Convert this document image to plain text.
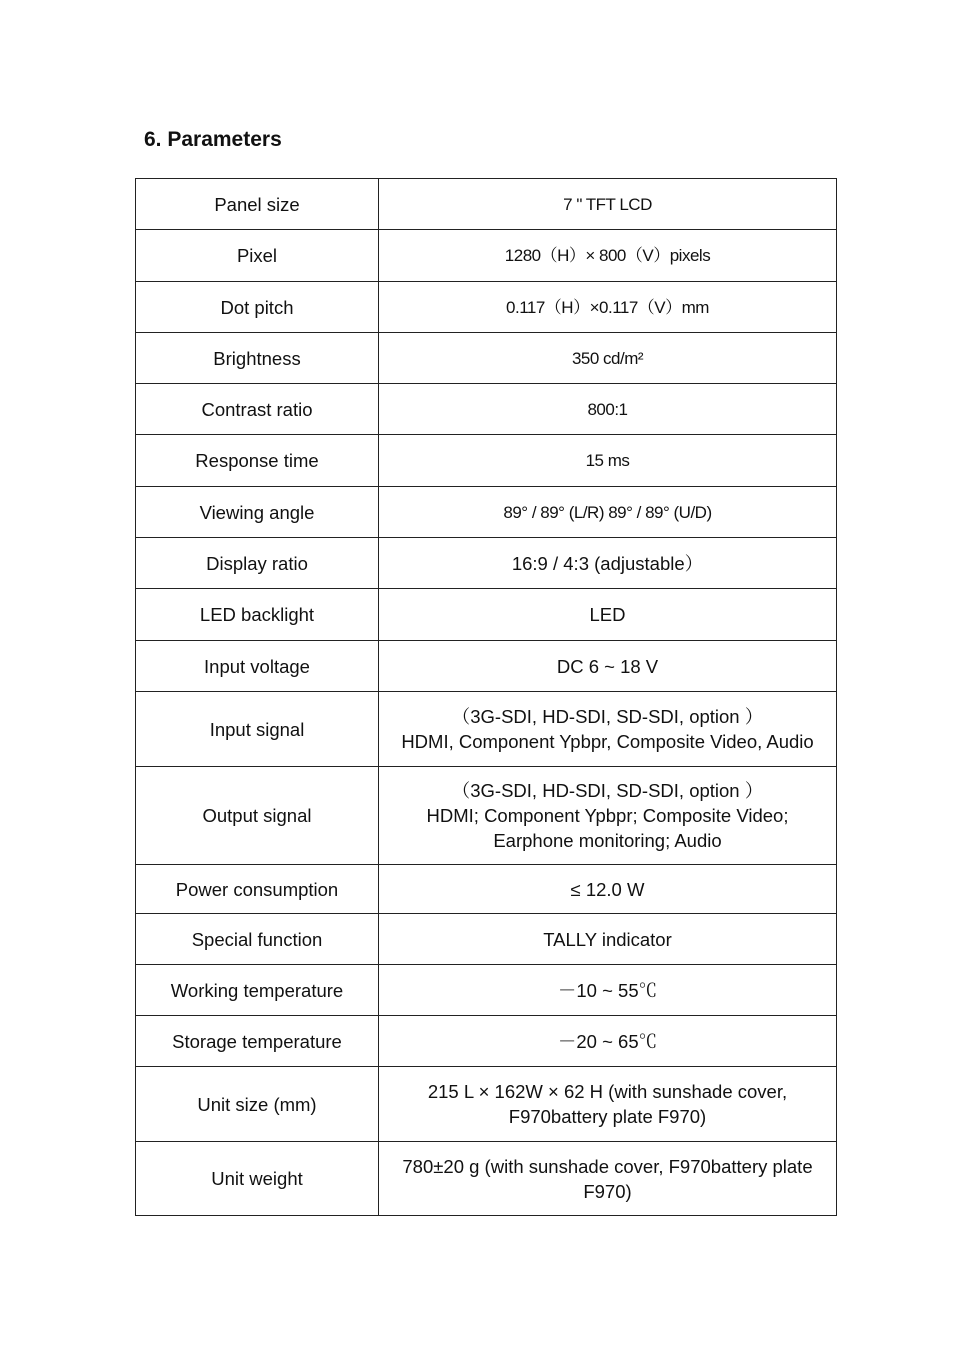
6. Parameters
Panel size	7 " TFT LCD

Pixel	1280（H）× 800（V）pixels

Dot pitch	0.117（H）×0.117（V）mm

Brightness	350 cd/m²

Contrast ratio	800:1

Response time	15 ms

Viewing angle	89° / 89° (L/R) 89° / 89° (U/D)

Display ratio	16:9 / 4:3 (adjustable）

LED backlight	LED

Input voltage	DC 6 ~ 18 V

Input signal	（3G-SDI, HD-SDI, SD-SDI, option ）
HDMI, Component Ypbpr, Composite Video, Audio

Output signal	（3G-SDI, HD-SDI, SD-SDI, option ）
HDMI; Component Ypbpr; Composite Video;
Earphone monitoring; Audio

Power consumption	≤ 12.0 W

Special function	TALLY indicator

Working temperature	－10 ~ 55℃

Storage temperature	－20 ~ 65℃

Unit size (mm)	215 L × 162W × 62 H (with sunshade cover,
F970battery plate F970)

Unit weight	780±20 g (with sunshade cover, F970battery plate
F970)
